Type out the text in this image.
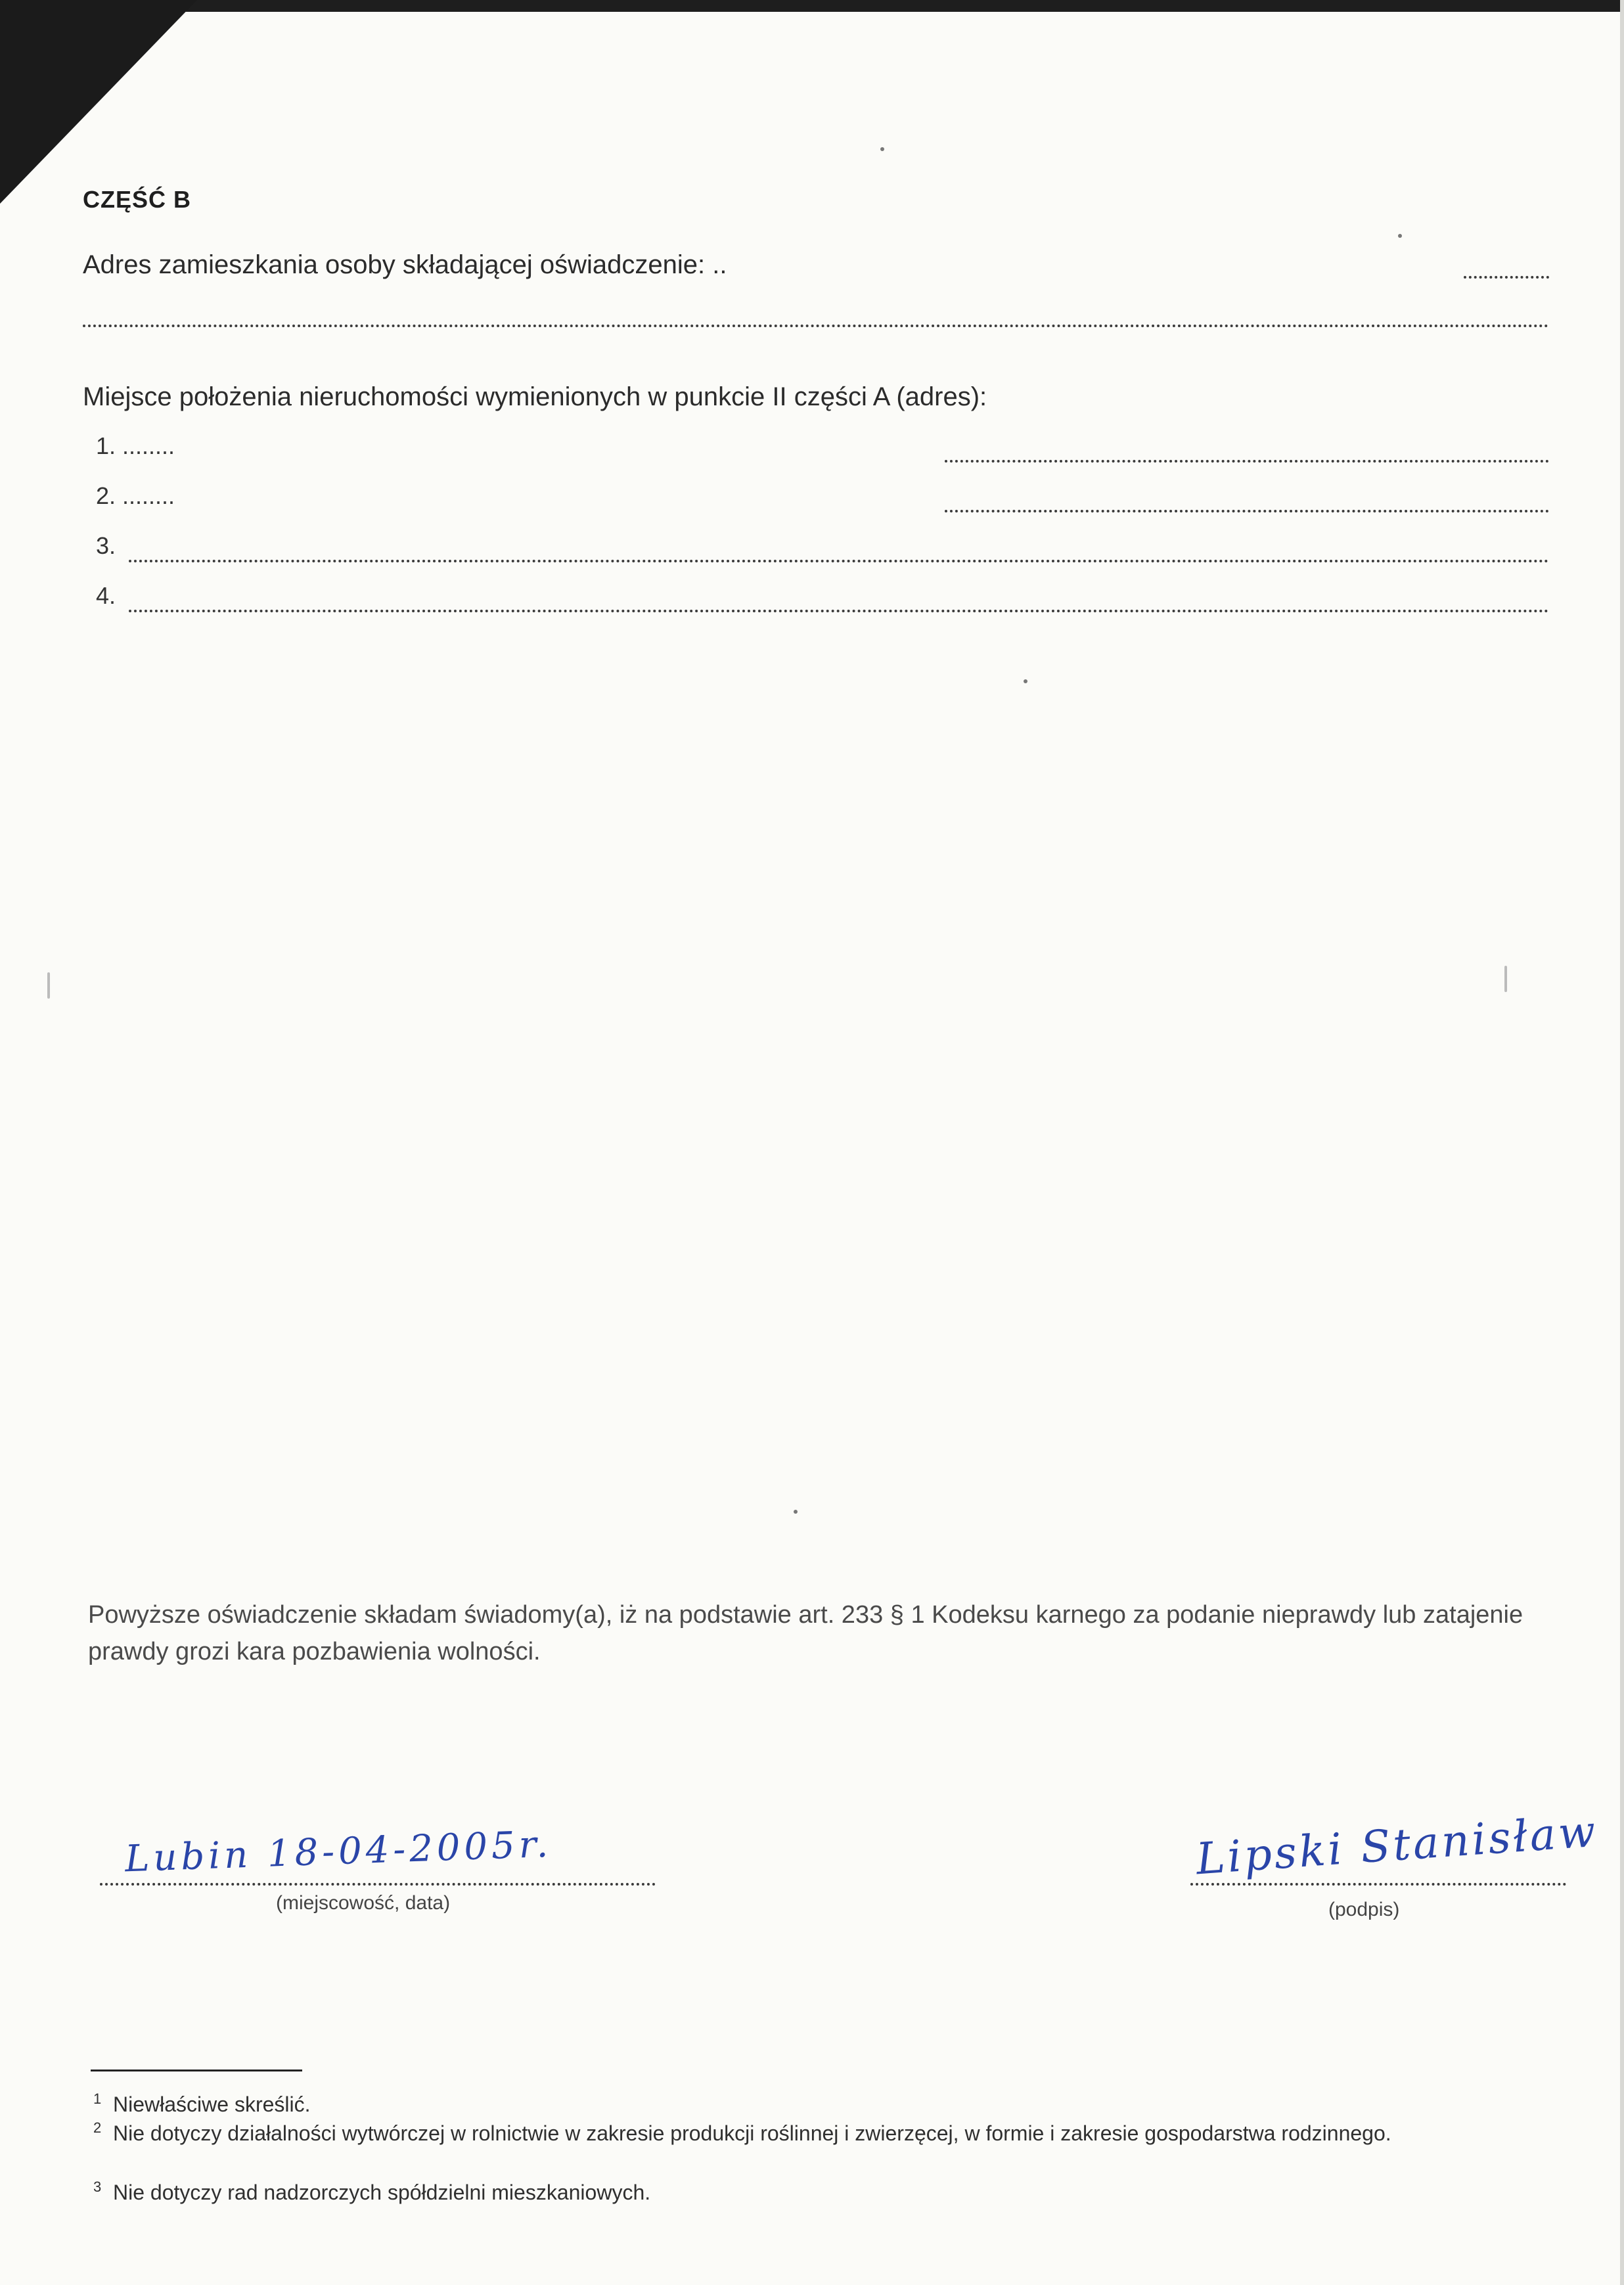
CZĘŚĆ B
Adres zamieszkania osoby składającej oświadczenie: ..
Miejsce położenia nieruchomości wymienionych w punkcie II części A (adres):
1. ........
2. ........
3.
4.
Powyższe oświadczenie składam świadomy(a), iż na podstawie art. 233 § 1 Kodeksu karnego za podanie nieprawdy lub zatajenie prawdy grozi kara pozbawienia wolności.
Lubin 18-04-2005r.
(miejscowość, data)
Lipski Stanisław
(podpis)
1 Niewłaściwe skreślić.
2 Nie dotyczy działalności wytwórczej w rolnictwie w zakresie produkcji roślinnej i zwierzęcej, w formie i zakresie gospodarstwa rodzinnego.
3 Nie dotyczy rad nadzorczych spółdzielni mieszkaniowych.
